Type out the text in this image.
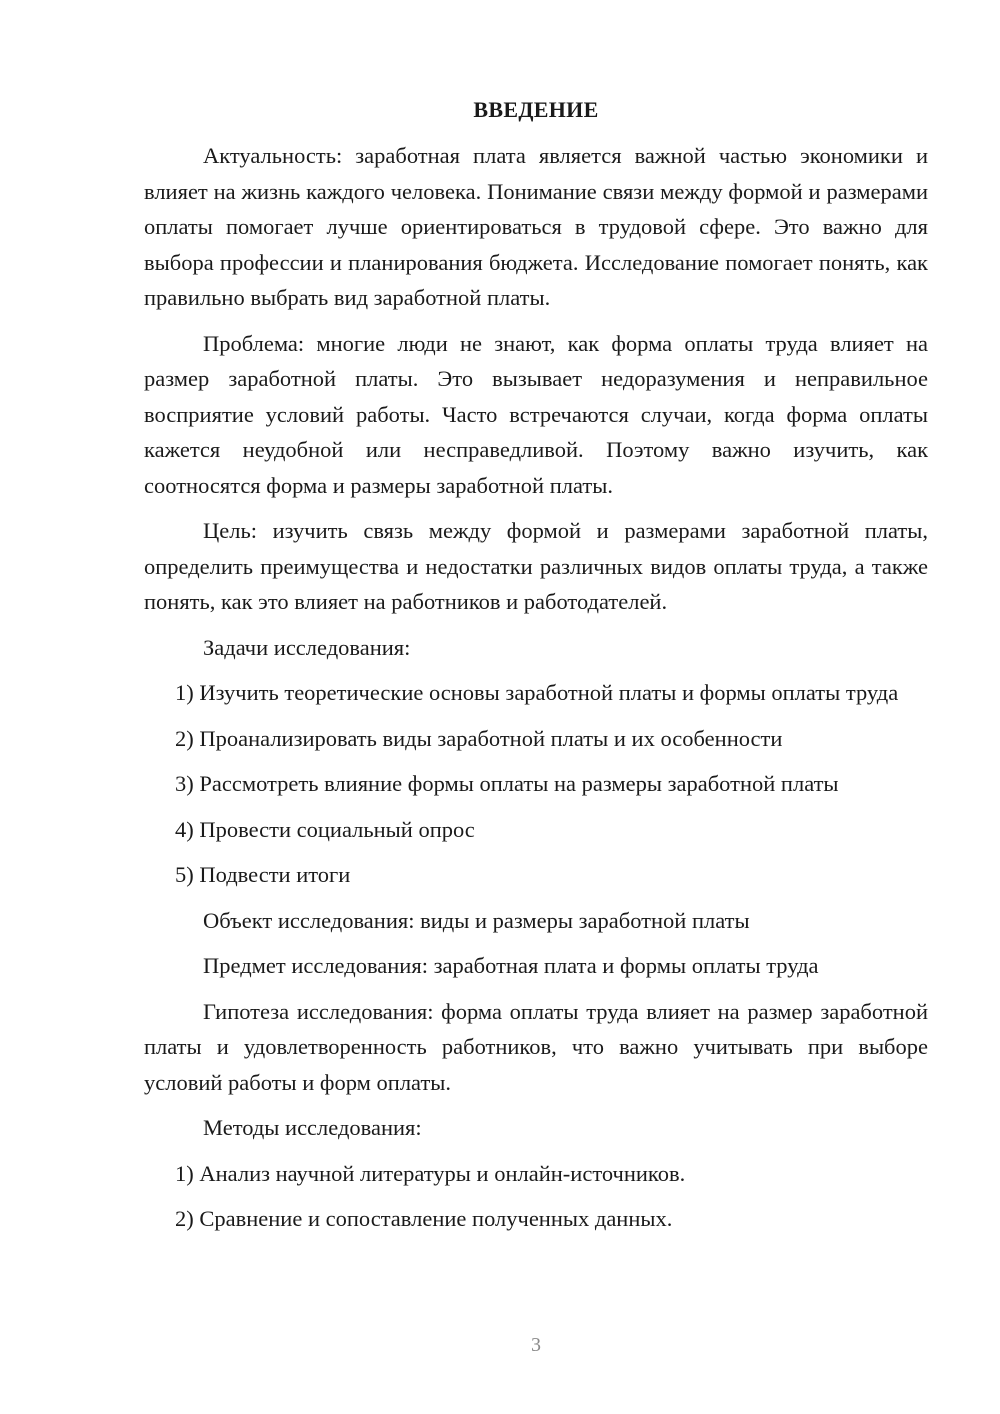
ВВЕДЕНИЕ

Актуальность: заработная плата является важной частью экономики и влияет на жизнь каждого человека. Понимание связи между формой и размерами оплаты помогает лучше ориентироваться в трудовой сфере. Это важно для выбора профессии и планирования бюджета. Исследование помогает понять, как правильно выбрать вид заработной платы.

Проблема: многие люди не знают, как форма оплаты труда влияет на размер заработной платы. Это вызывает недоразумения и неправильное восприятие условий работы. Часто встречаются случаи, когда форма оплаты кажется неудобной или несправедливой. Поэтому важно изучить, как соотносятся форма и размеры заработной платы.

Цель: изучить связь между формой и размерами заработной платы, определить преимущества и недостатки различных видов оплаты труда, а также понять, как это влияет на работников и работодателей.

Задачи исследования:
1) Изучить теоретические основы заработной платы и формы оплаты труда
2) Проанализировать виды заработной платы и их особенности
3) Рассмотреть влияние формы оплаты на размеры заработной платы
4) Провести социальный опрос
5) Подвести итоги
Объект исследования: виды и размеры заработной платы
Предмет исследования: заработная плата и формы оплаты труда

Гипотеза исследования: форма оплаты труда влияет на размер заработной платы и удовлетворенность работников, что важно учитывать при выборе условий работы и форм оплаты.

Методы исследования:
1) Анализ научной литературы и онлайн-источников.
2) Сравнение и сопоставление полученных данных.
3
